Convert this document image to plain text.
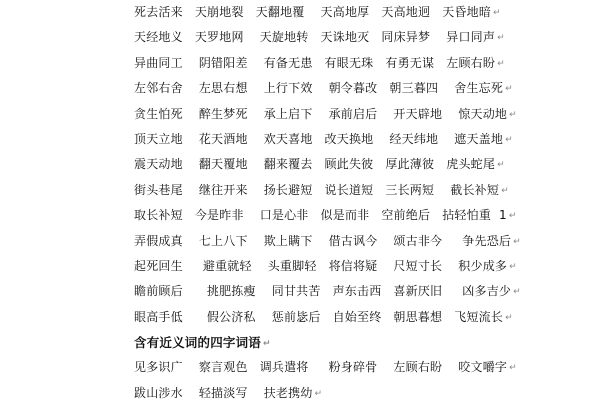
死去活来   天崩地裂   天翻地覆    天高地厚   天高地迥   天昏地暗 ↵
天经地义   天罗地网    天旋地转   天诛地灭   同床异梦    异口同声 ↵
异曲同工    阴错阳差    有备无患   有眼无珠   有勇无谋   左顾右盼 ↵
左邻右舍    左思右想    上行下效    朝令暮改   朝三暮四    舍生忘死 ↵
贪生怕死    醉生梦死    承上启下    承前启后    开天辟地    惊天动地 ↵
顶天立地    花天酒地    欢天喜地   改天换地    经天纬地    遮天盖地 ↵
震天动地    翻天覆地    翻来覆去   顾此失彼   厚此薄彼   虎头蛇尾 ↵
街头巷尾    继往开来    扬长避短   说长道短   三长两短    截长补短 ↵
取长补短   今是昨非    口是心非   似是而非   空前绝后   拈轻怕重  1 ↵
弄假成真    七上八下    欺上瞒下    借古讽今    颂古非今     争先恐后 ↵
起死回生     避重就轻    头重脚轻   将信将疑    尺短寸长    积少成多 ↵
瞻前顾后      挑肥拣瘦    同甘共苦   声东击西   喜新厌旧     凶多吉少 ↵
眼高手低      假公济私    惩前毖后   自始至终   朝思暮想   飞短流长 ↵
含有近义词的四字词语 ↵
见多识广    察言观色   调兵遣将     粉身碎骨    左顾右盼    咬文嚼字 ↵
跋山涉水    轻描淡写    扶老携幼 ↵
